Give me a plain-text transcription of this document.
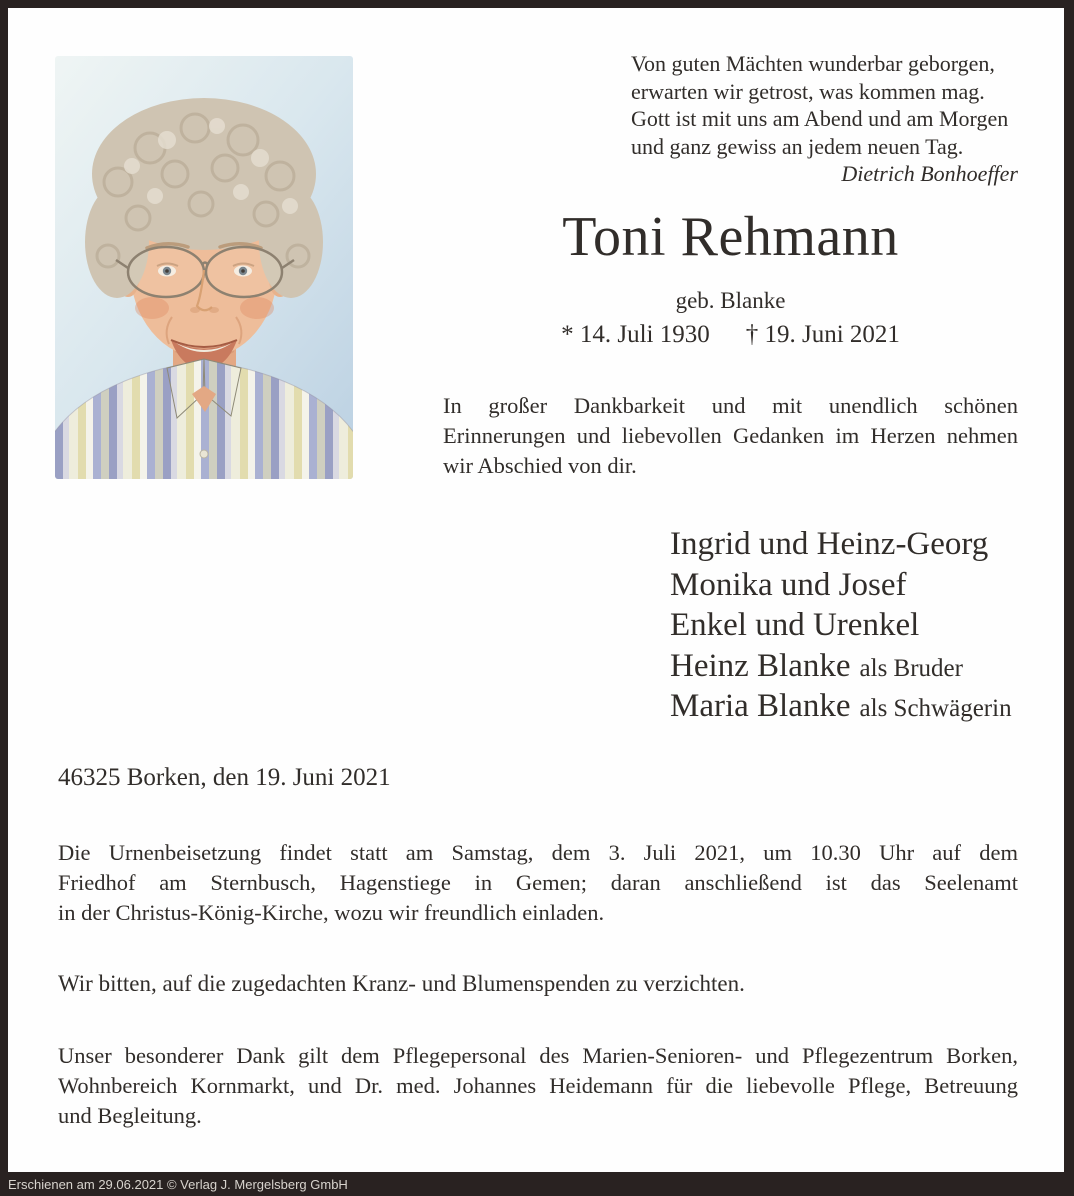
Von guten Mächten wunderbar geborgen,
erwarten wir getrost, was kommen mag.
Gott ist mit uns am Abend und am Morgen
und ganz gewiss an jedem neuen Tag.
Dietrich Bonhoeffer
Toni Rehmann
geb. Blanke
* 14. Juli 1930 † 19. Juni 2021
In großer Dankbarkeit und mit unendlich schönen
Erinnerungen und liebevollen Gedanken im Herzen nehmen
wir Abschied von dir.
Ingrid und Heinz-Georg
Monika und Josef
Enkel und Urenkel
Heinz Blanke als Bruder
Maria Blanke als Schwägerin
46325 Borken, den 19. Juni 2021
Die Urnenbeisetzung findet statt am Samstag, dem 3. Juli 2021, um 10.30 Uhr auf dem
Friedhof am Sternbusch, Hagenstiege in Gemen; daran anschließend ist das Seelenamt
in der Christus-König-Kirche, wozu wir freundlich einladen.
Wir bitten, auf die zugedachten Kranz- und Blumenspenden zu verzichten.
Unser besonderer Dank gilt dem Pflegepersonal des Marien-Senioren- und Pflegezentrum Borken,
Wohnbereich Kornmarkt, und Dr. med. Johannes Heidemann für die liebevolle Pflege, Betreuung
und Begleitung.
Erschienen am 29.06.2021 © Verlag J. Mergelsberg GmbH
